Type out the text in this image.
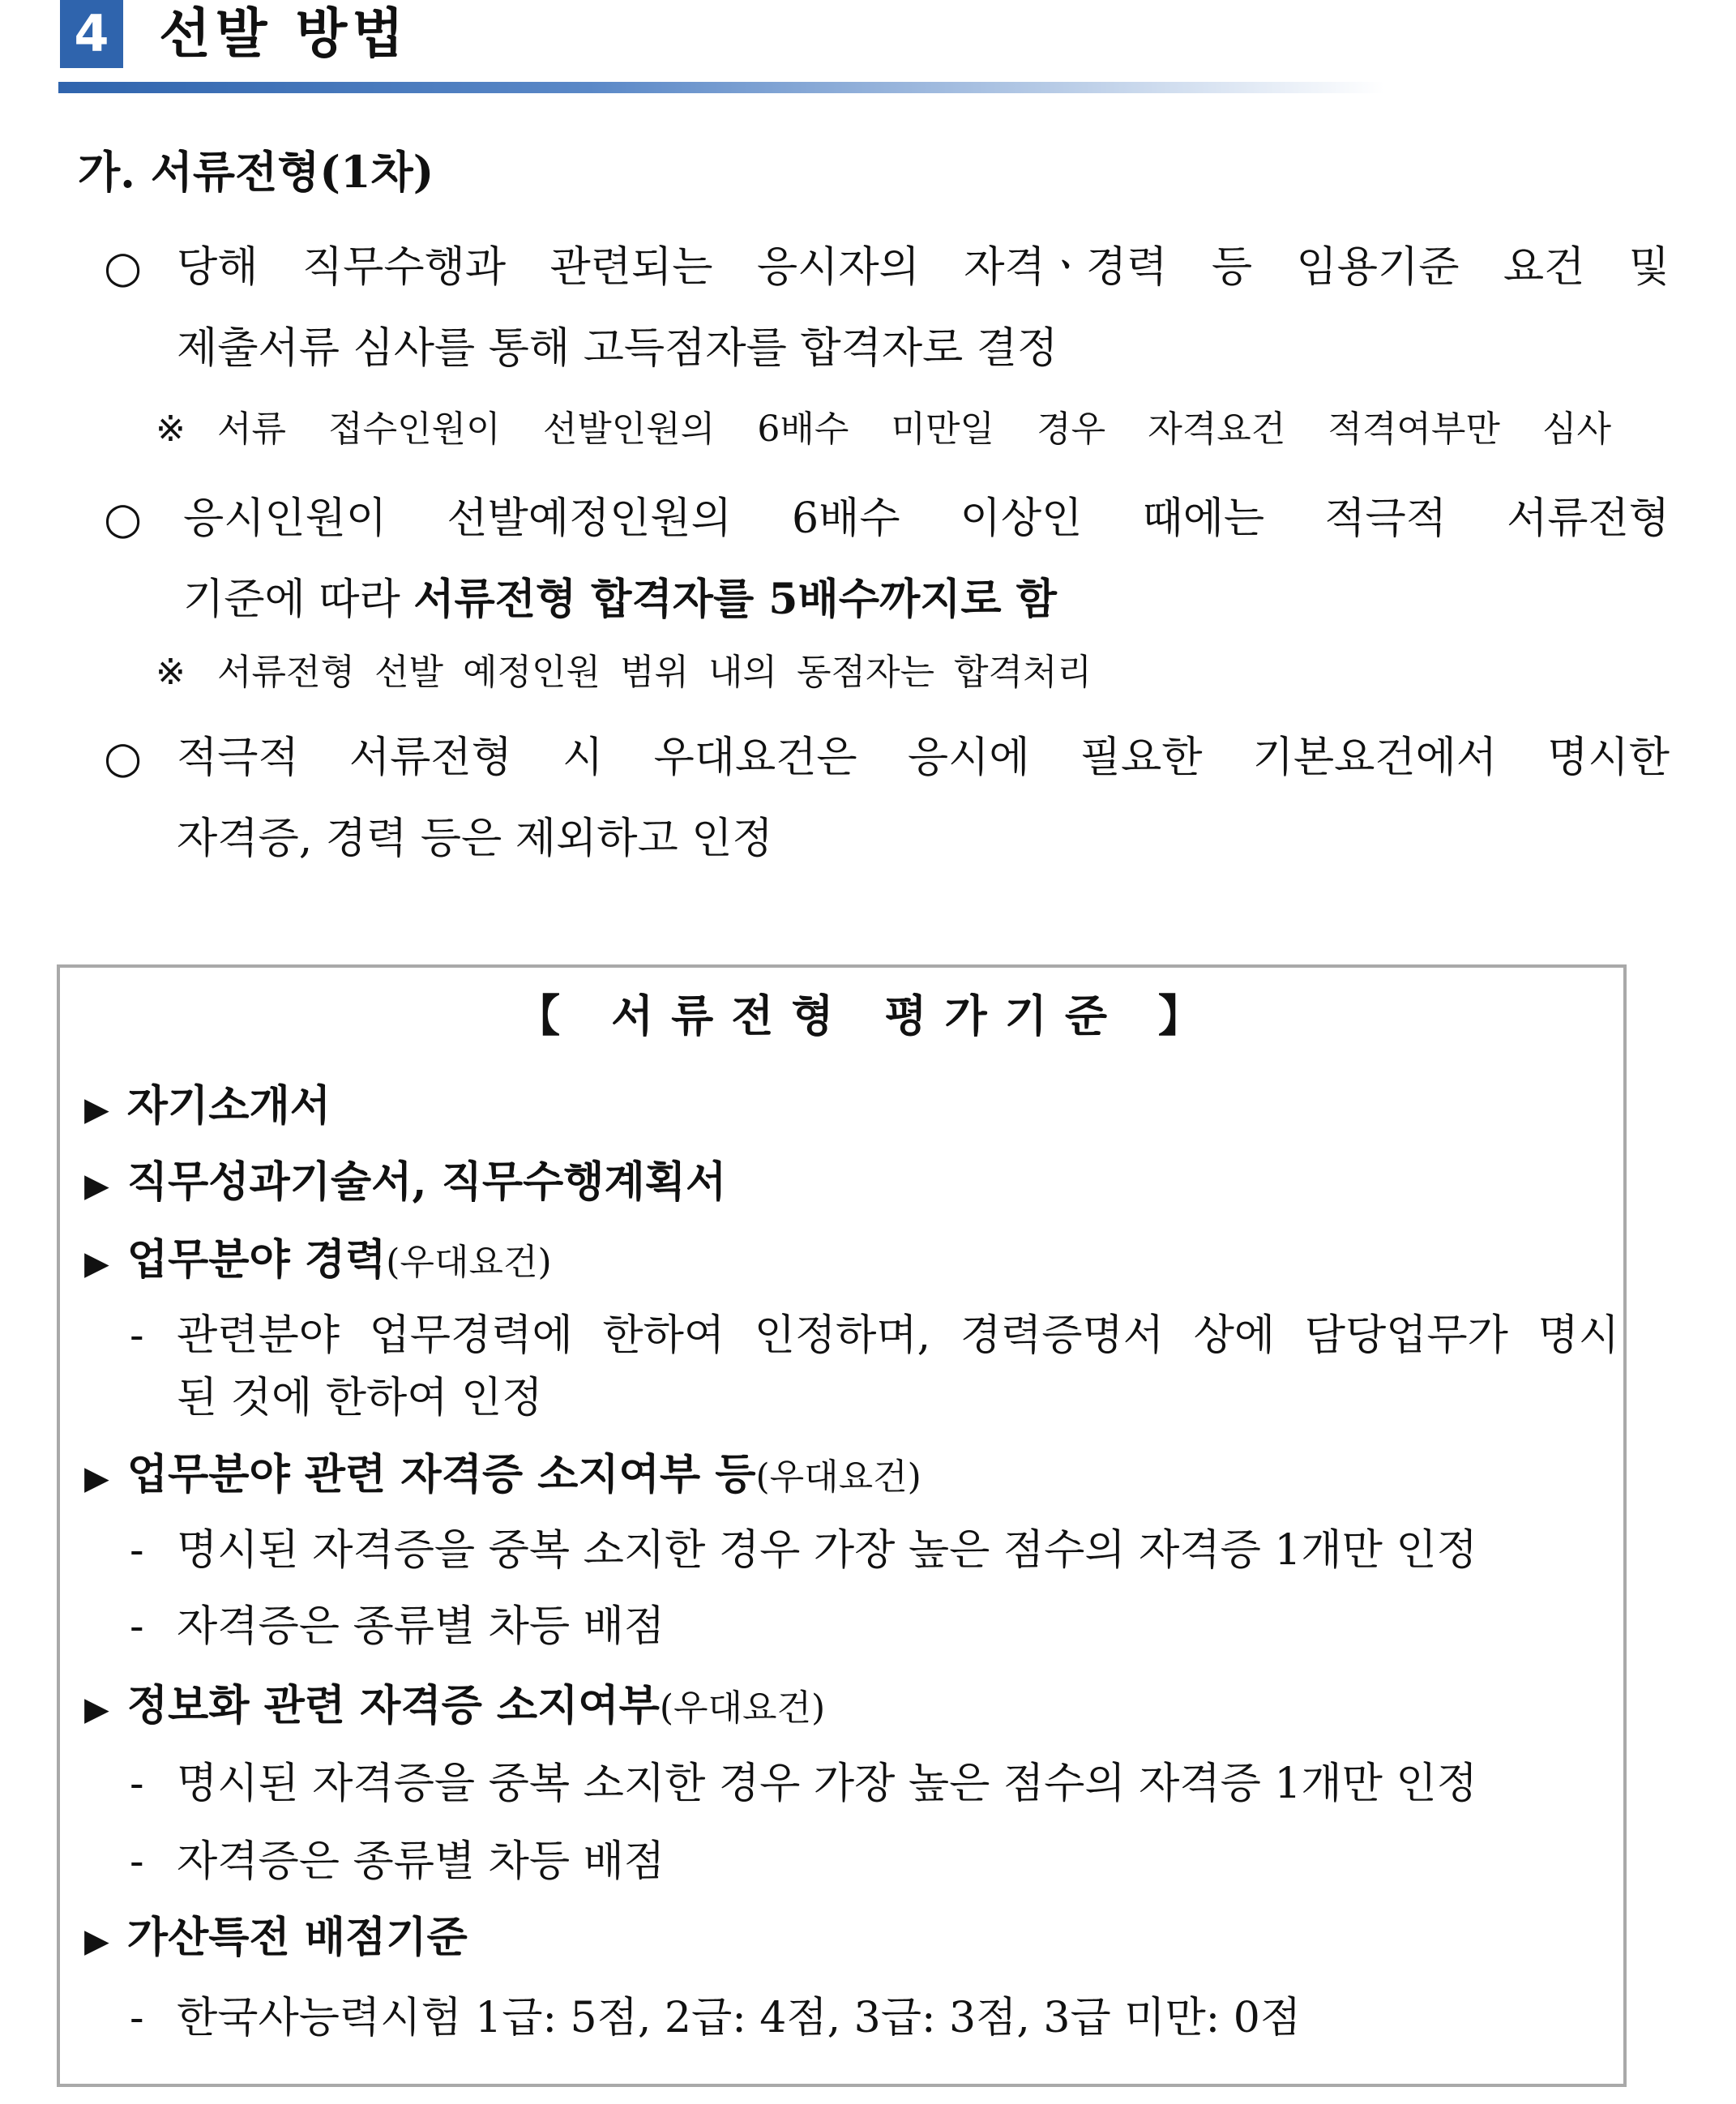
4 선발 방법
가. 서류전형(1차)
○ 당해 직무수행과 관련되는 응시자의 자격ㆍ경력 등 임용기준 요건 및
제출서류 심사를 통해 고득점자를 합격자로 결정
※ 서류 접수인원이 선발인원의 6배수 미만일 경우 자격요건 적격여부만 심사
○ 응시인원이 선발예정인원의 6배수 이상인 때에는 적극적 서류전형
기준에 따라 서류전형 합격자를 5배수까지로 함
※ 서류전형 선발 예정인원 범위 내의 동점자는 합격처리
○ 적극적 서류전형 시 우대요건은 응시에 필요한 기본요건에서 명시한
자격증, 경력 등은 제외하고 인정
【 서류전형 평가기준 】
▶ 자기소개서
▶ 직무성과기술서, 직무수행계획서
▶ 업무분야 경력(우대요건)
- 관련분야 업무경력에 한하여 인정하며, 경력증명서 상에 담당업무가 명시
된 것에 한하여 인정
▶ 업무분야 관련 자격증 소지여부 등(우대요건)
- 명시된 자격증을 중복 소지한 경우 가장 높은 점수의 자격증 1개만 인정
- 자격증은 종류별 차등 배점
▶ 정보화 관련 자격증 소지여부(우대요건)
- 명시된 자격증을 중복 소지한 경우 가장 높은 점수의 자격증 1개만 인정
- 자격증은 종류별 차등 배점
▶ 가산특전 배점기준
- 한국사능력시험 1급: 5점, 2급: 4점, 3급: 3점, 3급 미만: 0점
